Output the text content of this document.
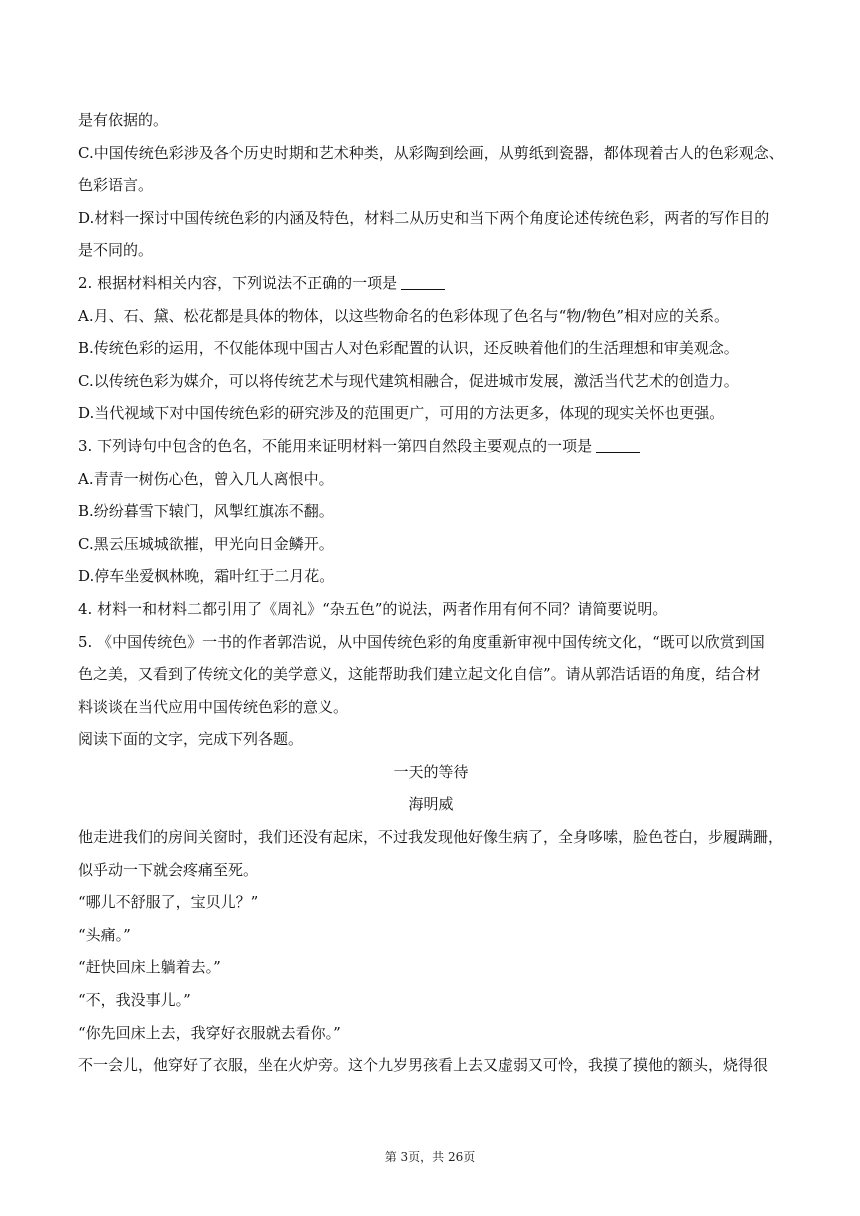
是有依据的。
C.中国传统色彩涉及各个历史时期和艺术种类，从彩陶到绘画，从剪纸到瓷器，都体现着古人的色彩观念、
色彩语言。
D.材料一探讨中国传统色彩的内涵及特色，材料二从历史和当下两个角度论述传统色彩，两者的写作目的
是不同的。
2. 根据材料相关内容，下列说法不正确的一项是
A.月、石、黛、松花都是具体的物体，以这些物命名的色彩体现了色名与“物/物色”相对应的关系。
B.传统色彩的运用，不仅能体现中国古人对色彩配置的认识，还反映着他们的生活理想和审美观念。
C.以传统色彩为媒介，可以将传统艺术与现代建筑相融合，促进城市发展，激活当代艺术的创造力。
D.当代视域下对中国传统色彩的研究涉及的范围更广，可用的方法更多，体现的现实关怀也更强。
3. 下列诗句中包含的色名，不能用来证明材料一第四自然段主要观点的一项是
A.青青一树伤心色，曾入几人离恨中。
B.纷纷暮雪下辕门，风掣红旗冻不翻。
C.黑云压城城欲摧，甲光向日金鳞开。
D.停车坐爱枫林晚，霜叶红于二月花。
4. 材料一和材料二都引用了《周礼》“杂五色”的说法，两者作用有何不同？请简要说明。
5. 《中国传统色》一书的作者郭浩说，从中国传统色彩的角度重新审视中国传统文化，“既可以欣赏到国
色之美，又看到了传统文化的美学意义，这能帮助我们建立起文化自信”。请从郭浩话语的角度，结合材
料谈谈在当代应用中国传统色彩的意义。
阅读下面的文字，完成下列各题。
一天的等待
海明威
他走进我们的房间关窗时，我们还没有起床，不过我发现他好像生病了，全身哆嗦，脸色苍白，步履蹒跚，
似乎动一下就会疼痛至死。
“哪儿不舒服了，宝贝儿？”
“头痛。”
“赶快回床上躺着去。”
“不，我没事儿。”
“你先回床上去，我穿好衣服就去看你。”
不一会儿，他穿好了衣服，坐在火炉旁。这个九岁男孩看上去又虚弱又可怜，我摸了摸他的额头，烧得很
第 3页，共 26页
